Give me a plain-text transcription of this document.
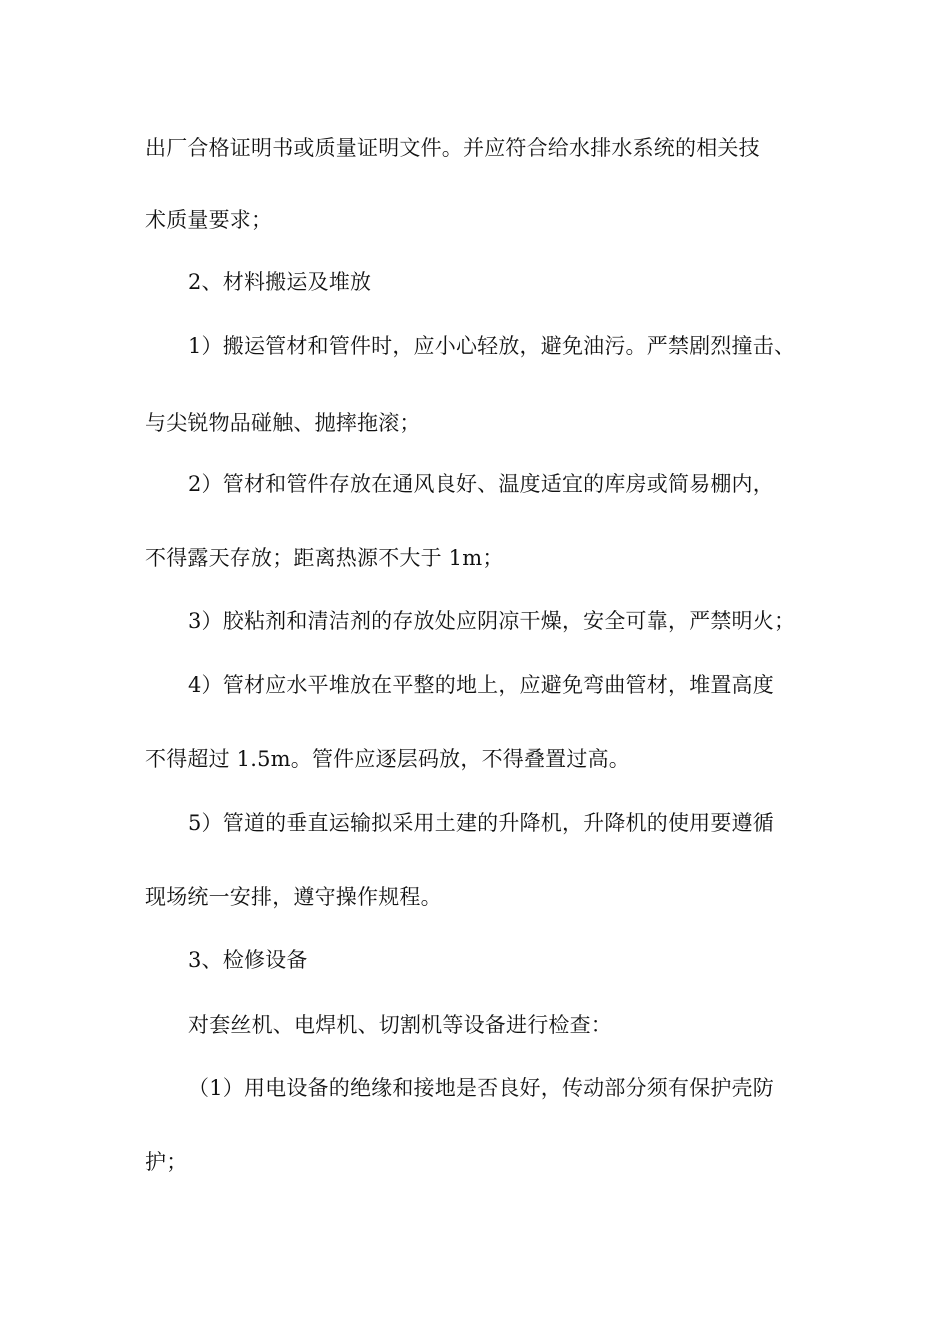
出厂合格证明书或质量证明文件。并应符合给水排水系统的相关技
术质量要求；
2、材料搬运及堆放
1）搬运管材和管件时，应小心轻放，避免油污。严禁剧烈撞击、
与尖锐物品碰触、抛摔拖滚；
2）管材和管件存放在通风良好、温度适宜的库房或简易棚内，
不得露天存放；距离热源不大于 1m；
3）胶粘剂和清洁剂的存放处应阴凉干燥，安全可靠，严禁明火；
4）管材应水平堆放在平整的地上，应避免弯曲管材，堆置高度
不得超过 1.5m。管件应逐层码放，不得叠置过高。
5）管道的垂直运输拟采用土建的升降机，升降机的使用要遵循
现场统一安排，遵守操作规程。
3、检修设备
对套丝机、电焊机、切割机等设备进行检查：
（1）用电设备的绝缘和接地是否良好，传动部分须有保护壳防
护；
